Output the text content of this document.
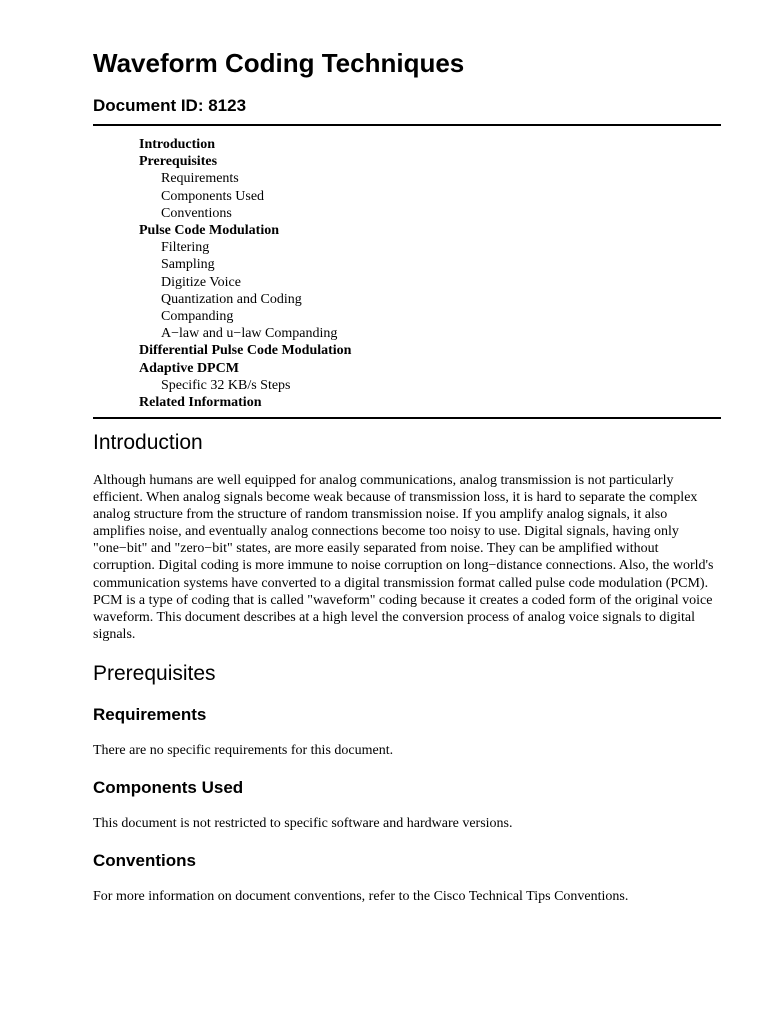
Waveform Coding Techniques
Document ID: 8123
Introduction
Prerequisites
Requirements
Components Used
Conventions
Pulse Code Modulation
Filtering
Sampling
Digitize Voice
Quantization and Coding
Companding
A−law and u−law Companding
Differential Pulse Code Modulation
Adaptive DPCM
Specific 32 KB/s Steps
Related Information
Introduction

Although humans are well equipped for analog communications, analog transmission is not particularly efficient. When analog signals become weak because of transmission loss, it is hard to separate the complex analog structure from the structure of random transmission noise. If you amplify analog signals, it also amplifies noise, and eventually analog connections become too noisy to use. Digital signals, having only "one−bit" and "zero−bit" states, are more easily separated from noise. They can be amplified without corruption. Digital coding is more immune to noise corruption on long−distance connections. Also, the world's communication systems have converted to a digital transmission format called pulse code modulation (PCM). PCM is a type of coding that is called "waveform" coding because it creates a coded form of the original voice waveform. This document describes at a high level the conversion process of analog voice signals to digital signals.

Prerequisites
Requirements

There are no specific requirements for this document.

Components Used

This document is not restricted to specific software and hardware versions.

Conventions

For more information on document conventions, refer to the Cisco Technical Tips Conventions.
